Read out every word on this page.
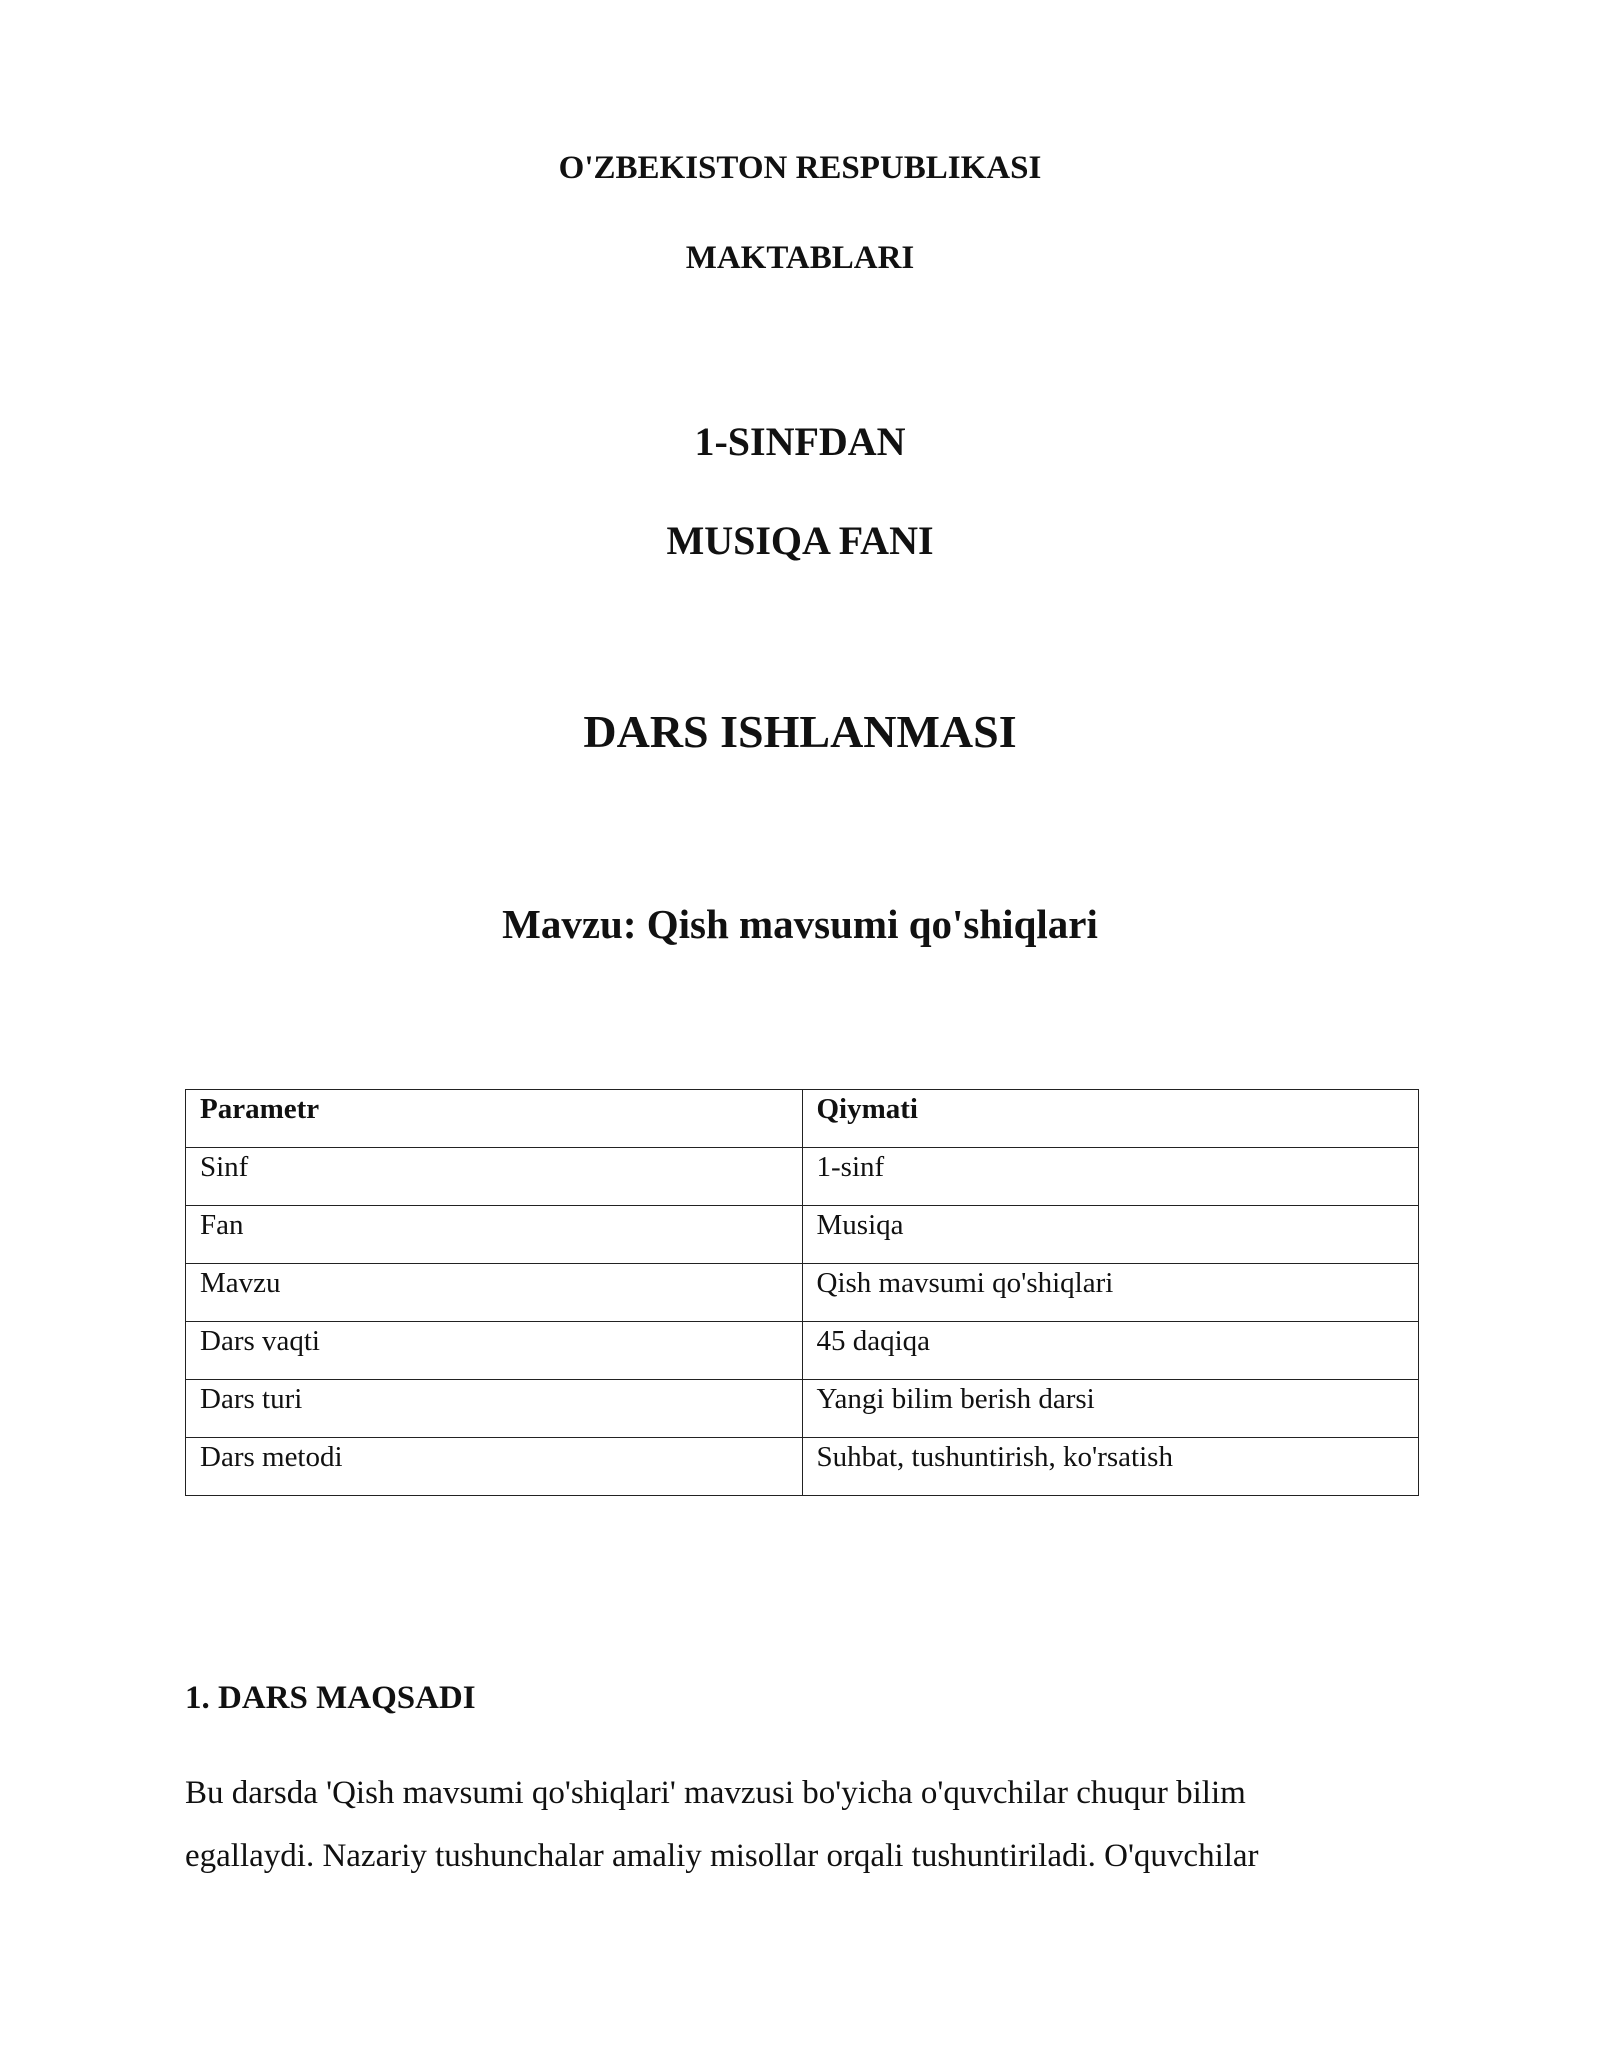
O'ZBEKISTON RESPUBLIKASI
MAKTABLARI
1-SINFDAN
MUSIQA FANI
DARS ISHLANMASI
Mavzu: Qish mavsumi qo'shiqlari
Parametr	Qiymati
Sinf	1-sinf
Fan	Musiqa
Mavzu	Qish mavsumi qo'shiqlari
Dars vaqti	45 daqiqa
Dars turi	Yangi bilim berish darsi
Dars metodi	Suhbat, tushuntirish, ko'rsatish
1. DARS MAQSADI
Bu darsda 'Qish mavsumi qo'shiqlari' mavzusi bo'yicha o'quvchilar chuqur bilim
egallaydi. Nazariy tushunchalar amaliy misollar orqali tushuntiriladi. O'quvchilar
